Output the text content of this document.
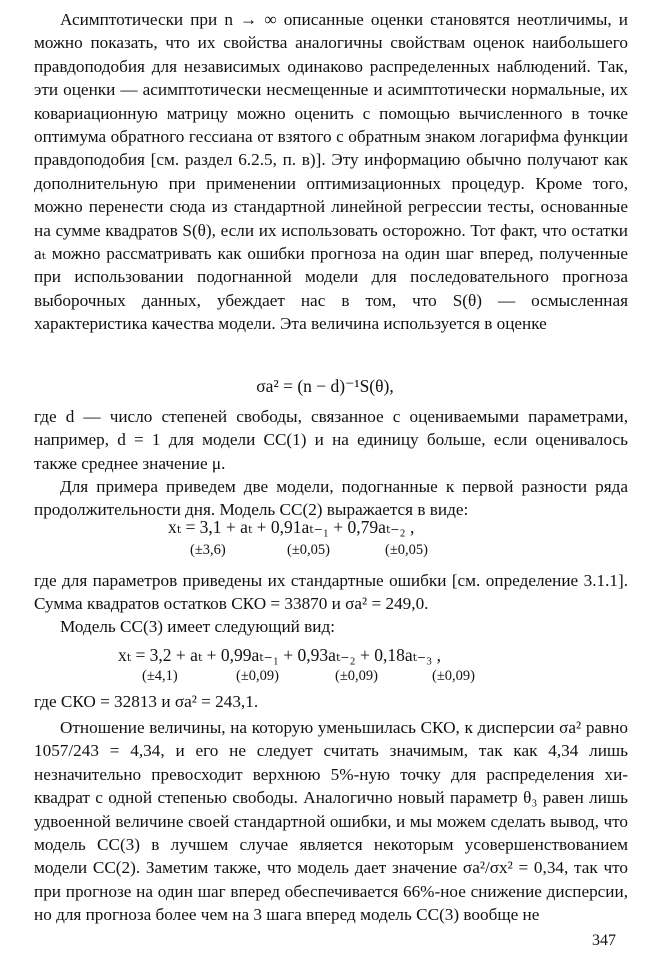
Асимптотически при n → ∞ описанные оценки становятся неотличимы, и можно показать, что их свойства аналогичны свойствам оценок наибольшего правдоподобия для независимых одинаково распределенных наблюдений. Так, эти оценки — асимптотически несмещенные и асимптотически нормальные, их ковариационную матрицу можно оценить с помощью вычисленного в точке оптимума обратного гессиана от взятого с обратным знаком логарифма функции правдоподобия [см. раздел 6.2.5, п. в)]. Эту информацию обычно получают как дополнительную при применении оптимизационных процедур. Кроме того, можно перенести сюда из стандартной линейной регрессии тесты, основанные на сумме квадратов S(θ), если их использовать осторожно. Тот факт, что остатки aₜ можно рассматривать как ошибки прогноза на один шаг вперед, полученные при использовании подогнанной модели для последовательного прогноза выборочных данных, убеждает нас в том, что S(θ) — осмысленная характеристика качества модели. Эта величина используется в оценке
σa² = (n − d)⁻¹S(θ),
где d — число степеней свободы, связанное с оцениваемыми параметрами, например, d = 1 для модели СС(1) и на единицу больше, если оценивалось также среднее значение μ.
Для примера приведем две модели, подогнанные к первой разности ряда продолжительности дня. Модель СС(2) выражается в виде:
xₜ = 3,1 + aₜ + 0,91aₜ₋₁ + 0,79aₜ₋₂ ,
(±3,6)	(±0,05)	(±0,05)
где для параметров приведены их стандартные ошибки [см. определение 3.1.1]. Сумма квадратов остатков СКО = 33870 и σa² = 249,0.
Модель СС(3) имеет следующий вид:
xₜ = 3,2 + aₜ + 0,99aₜ₋₁ + 0,93aₜ₋₂ + 0,18aₜ₋₃ ,
(±4,1)	(±0,09)	(±0,09)	(±0,09)
где СКО = 32813 и σa² = 243,1.
Отношение величины, на которую уменьшилась СКО, к дисперсии σa² равно 1057/243 = 4,34, и его не следует считать значимым, так как 4,34 лишь незначительно превосходит верхнюю 5%-ную точку для распределения хи-квадрат с одной степенью свободы. Аналогично новый параметр θ₃ равен лишь удвоенной величине своей стандартной ошибки, и мы можем сделать вывод, что модель СС(3) в лучшем случае является некоторым усовершенствованием модели СС(2). Заметим также, что модель дает значение σa²/σx² = 0,34, так что при прогнозе на один шаг вперед обеспечивается 66%-ное снижение дисперсии, но для прогноза более чем на 3 шага вперед модель СС(3) вообще не
347
